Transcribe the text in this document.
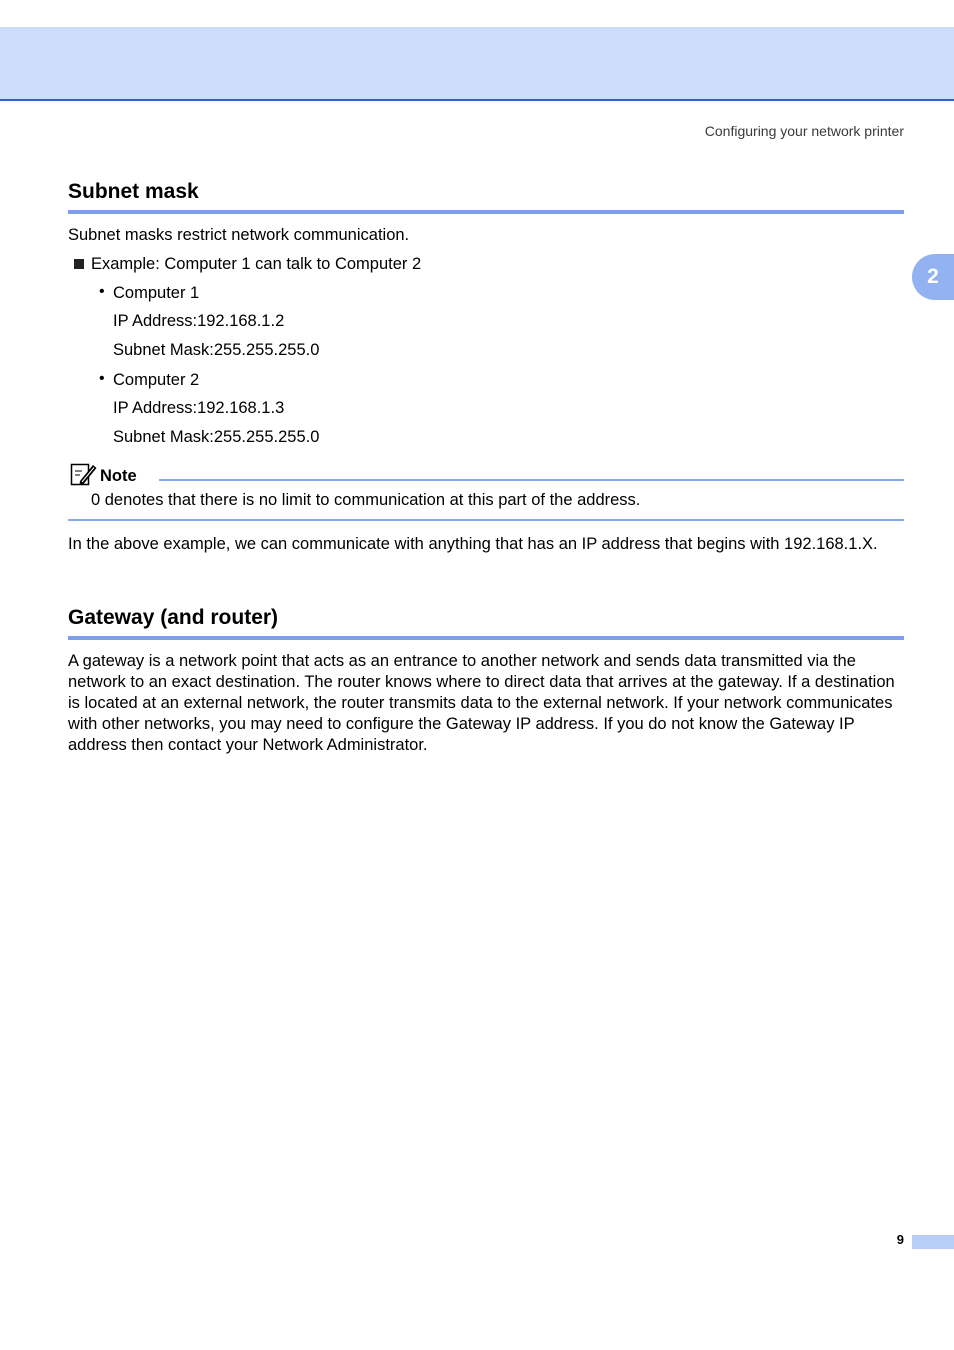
Configuring your network printer
2
Subnet mask
Subnet masks restrict network communication.
Example: Computer 1 can talk to Computer 2
• Computer 1
IP Address:192.168.1.2
Subnet Mask:255.255.255.0
• Computer 2
IP Address:192.168.1.3
Subnet Mask:255.255.255.0
Note
0 denotes that there is no limit to communication at this part of the address.
In the above example, we can communicate with anything that has an IP address that begins with 192.168.1.X.
Gateway (and router)
A gateway is a network point that acts as an entrance to another network and sends data transmitted via the network to an exact destination. The router knows where to direct data that arrives at the gateway. If a destination is located at an external network, the router transmits data to the external network. If your network communicates with other networks, you may need to configure the Gateway IP address. If you do not know the Gateway IP address then contact your Network Administrator.
9
